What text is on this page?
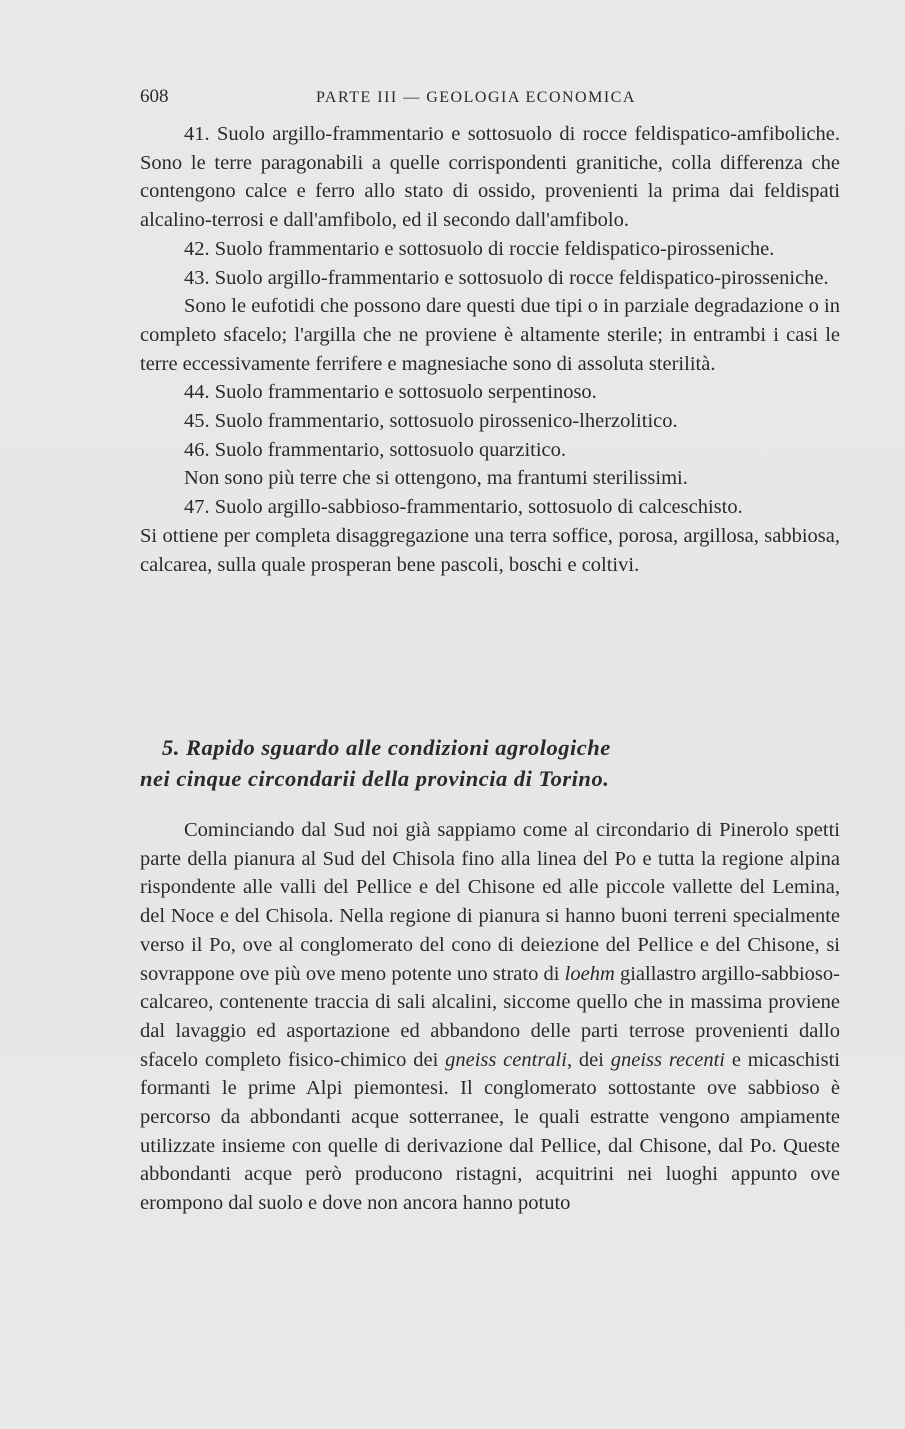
608	PARTE III — GEOLOGIA ECONOMICA

41. Suolo argillo-frammentario e sottosuolo di rocce feldispatico-amfiboliche. Sono le terre paragonabili a quelle corrispondenti granitiche, colla differenza che contengono calce e ferro allo stato di ossido, provenienti la prima dai feldispati alcalino-terrosi e dall'amfibolo, ed il secondo dall'amfibolo.

42. Suolo frammentario e sottosuolo di roccie feldispatico-pirosseniche.

43. Suolo argillo-frammentario e sottosuolo di rocce feldispatico-pirosseniche.

Sono le eufotidi che possono dare questi due tipi o in parziale degradazione o in completo sfacelo; l'argilla che ne proviene è altamente sterile; in entrambi i casi le terre eccessivamente ferrifere e magnesiache sono di assoluta sterilità.

44. Suolo frammentario e sottosuolo serpentinoso.

45. Suolo frammentario, sottosuolo pirossenico-lherzolitico.

46. Suolo frammentario, sottosuolo quarzitico.

Non sono più terre che si ottengono, ma frantumi sterilissimi.

47. Suolo argillo-sabbioso-frammentario, sottosuolo di calceschisto.

Si ottiene per completa disaggregazione una terra soffice, porosa, argillosa, sabbiosa, calcarea, sulla quale prosperan bene pascoli, boschi e coltivi.

5. Rapido sguardo alle condizioni agrologiche
nei cinque circondarii della provincia di Torino.

Cominciando dal Sud noi già sappiamo come al circondario di Pinerolo spetti parte della pianura al Sud del Chisola fino alla linea del Po e tutta la regione alpina rispondente alle valli del Pellice e del Chisone ed alle piccole vallette del Lemina, del Noce e del Chisola. Nella regione di pianura si hanno buoni terreni specialmente verso il Po, ove al conglomerato del cono di deiezione del Pellice e del Chisone, si sovrappone ove più ove meno potente uno strato di loehm giallastro argillo-sabbioso-calcareo, contenente traccia di sali alcalini, siccome quello che in massima proviene dal lavaggio ed asportazione ed abbandono delle parti terrose provenienti dallo sfacelo completo fisico-chimico dei gneiss centrali, dei gneiss recenti e micaschisti formanti le prime Alpi piemontesi. Il conglomerato sottostante ove sabbioso è percorso da abbondanti acque sotterranee, le quali estratte vengono ampiamente utilizzate insieme con quelle di derivazione dal Pellice, dal Chisone, dal Po. Queste abbondanti acque però producono ristagni, acquitrini nei luoghi appunto ove erompono dal suolo e dove non ancora hanno potuto
